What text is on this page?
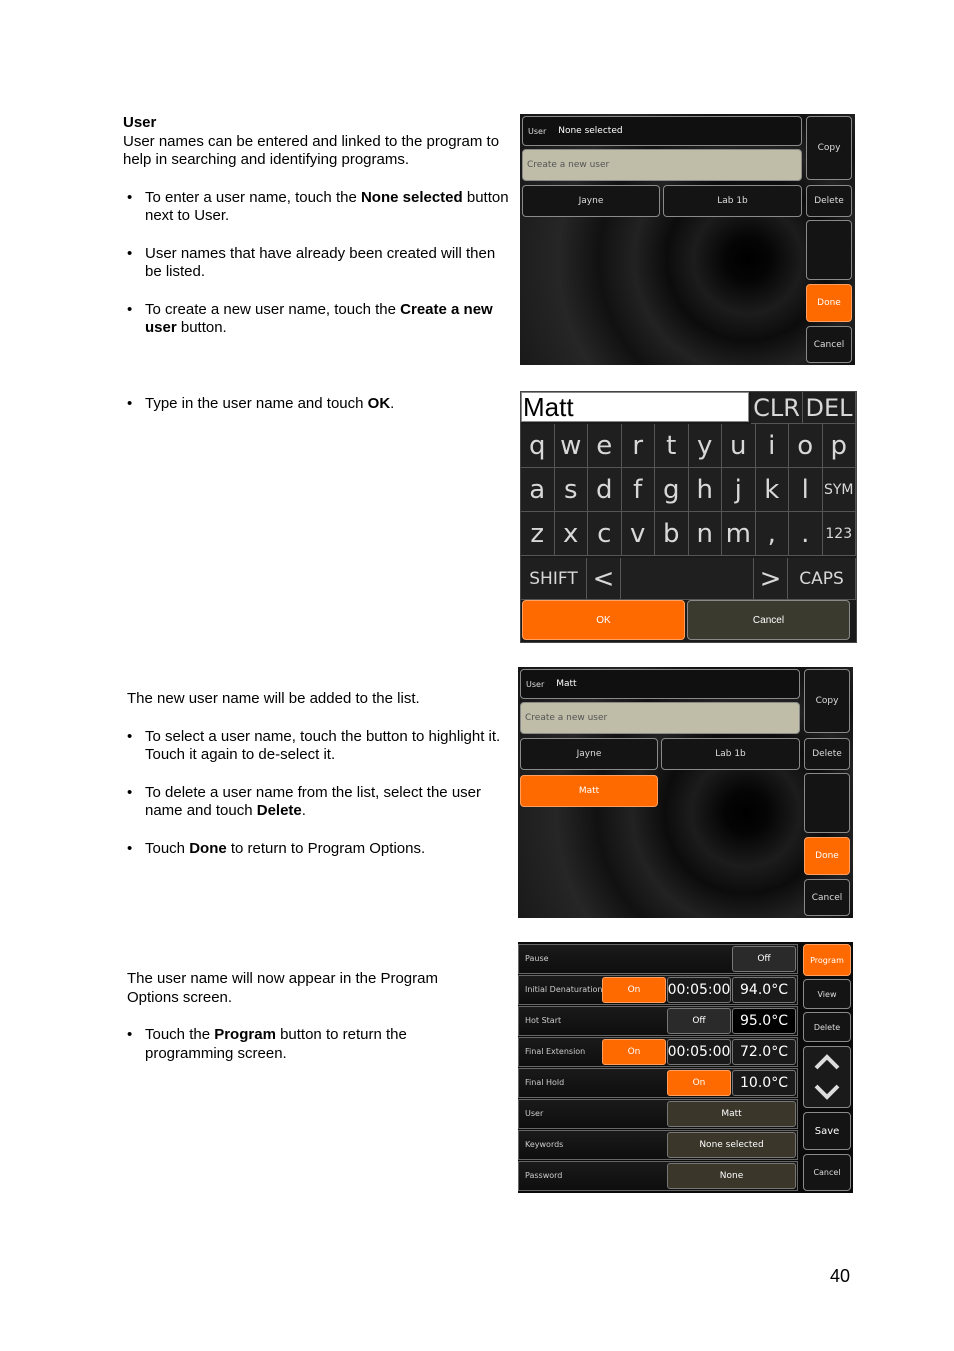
User

User names can be entered and linked to the program to help in searching and identifying programs.

• To enter a user name, touch the None selected button next to User.

• User names that have already been created will then be listed.

• To create a new user name, touch the Create a new user button.

User None selected
Create a new user
Jayne	Lab 1b
Copy
Delete
Done
Cancel

• Type in the user name and touch OK.	Matt	CLR DEL
q w e r t y u i o p
a s d f g h j k l	SYM
z x c v b n m , .	123
SHIFT <	>	CAPS
OK	Cancel

The new user name will be added to the list.

• To select a user name, touch the button to highlight it. Touch it again to de-select it.

• To delete a user name from the list, select the user name and touch Delete.

• Touch Done to return to Program Options.

User Matt
Create a new user
Jayne	Lab 1b
Matt
Copy
Delete
Done
Cancel

The user name will now appear in the Program Options screen.

• Touch the Program button to return the programming screen.

Pause	Off
Initial Denaturation	On	00:05:00 94.0°C
Hot Start	Off	95.0°C
Final Extension	On	00:05:00 72.0°C
Final Hold	On	10.0°C
User	Matt
Keywords	None selected
Password	None
Program
View
Delete
Save
Cancel
40
